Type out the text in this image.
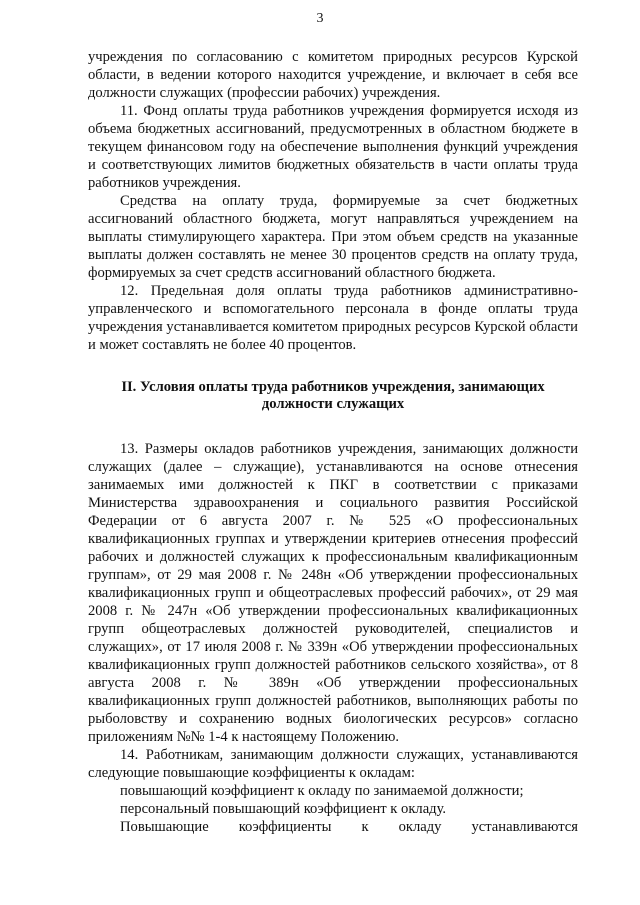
3

учреждения по согласованию с комитетом природных ресурсов Курской области, в ведении которого находится учреждение, и включает в себя все должности служащих (профессии рабочих) учреждения.

11. Фонд оплаты труда работников учреждения формируется исходя из объема бюджетных ассигнований, предусмотренных в областном бюджете в текущем финансовом году на обеспечение выполнения функций учреждения и соответствующих лимитов бюджетных обязательств в части оплаты труда работников учреждения.

Средства на оплату труда, формируемые за счет бюджетных ассигнований областного бюджета, могут направляться учреждением на выплаты стимулирующего характера. При этом объем средств на указанные выплаты должен составлять не менее 30 процентов средств на оплату труда, формируемых за счет средств ассигнований областного бюджета.

12. Предельная доля оплаты труда работников административно-управленческого и вспомогательного персонала в фонде оплаты труда учреждения устанавливается комитетом природных ресурсов Курской области и может составлять не более 40 процентов.

II. Условия оплаты труда работников учреждения, занимающих
должности служащих

13. Размеры окладов работников учреждения, занимающих должности служащих (далее – служащие), устанавливаются на основе отнесения занимаемых ими должностей к ПКГ в соответствии с приказами Министерства здравоохранения и социального развития Российской Федерации от 6 августа 2007 г. № 525 «О профессиональных квалификационных группах и утверждении критериев отнесения профессий рабочих и должностей служащих к профессиональным квалификационным группам», от 29 мая 2008 г. № 248н «Об утверждении профессиональных квалификационных групп и общеотраслевых профессий рабочих», от 29 мая 2008 г. № 247н «Об утверждении профессиональных квалификационных групп общеотраслевых должностей руководителей, специалистов и служащих», от 17 июля 2008 г. № 339н «Об утверждении профессиональных квалификационных групп должностей работников сельского хозяйства», от 8 августа 2008 г. № 389н «Об утверждении профессиональных квалификационных групп должностей работников, выполняющих работы по рыболовству и сохранению водных биологических ресурсов» согласно приложениям №№ 1-4 к настоящему Положению.

14. Работникам, занимающим должности служащих, устанавливаются следующие повышающие коэффициенты к окладам:

повышающий коэффициент к окладу по занимаемой должности;

персональный повышающий коэффициент к окладу.

Повышающие коэффициенты к окладу устанавливаются
